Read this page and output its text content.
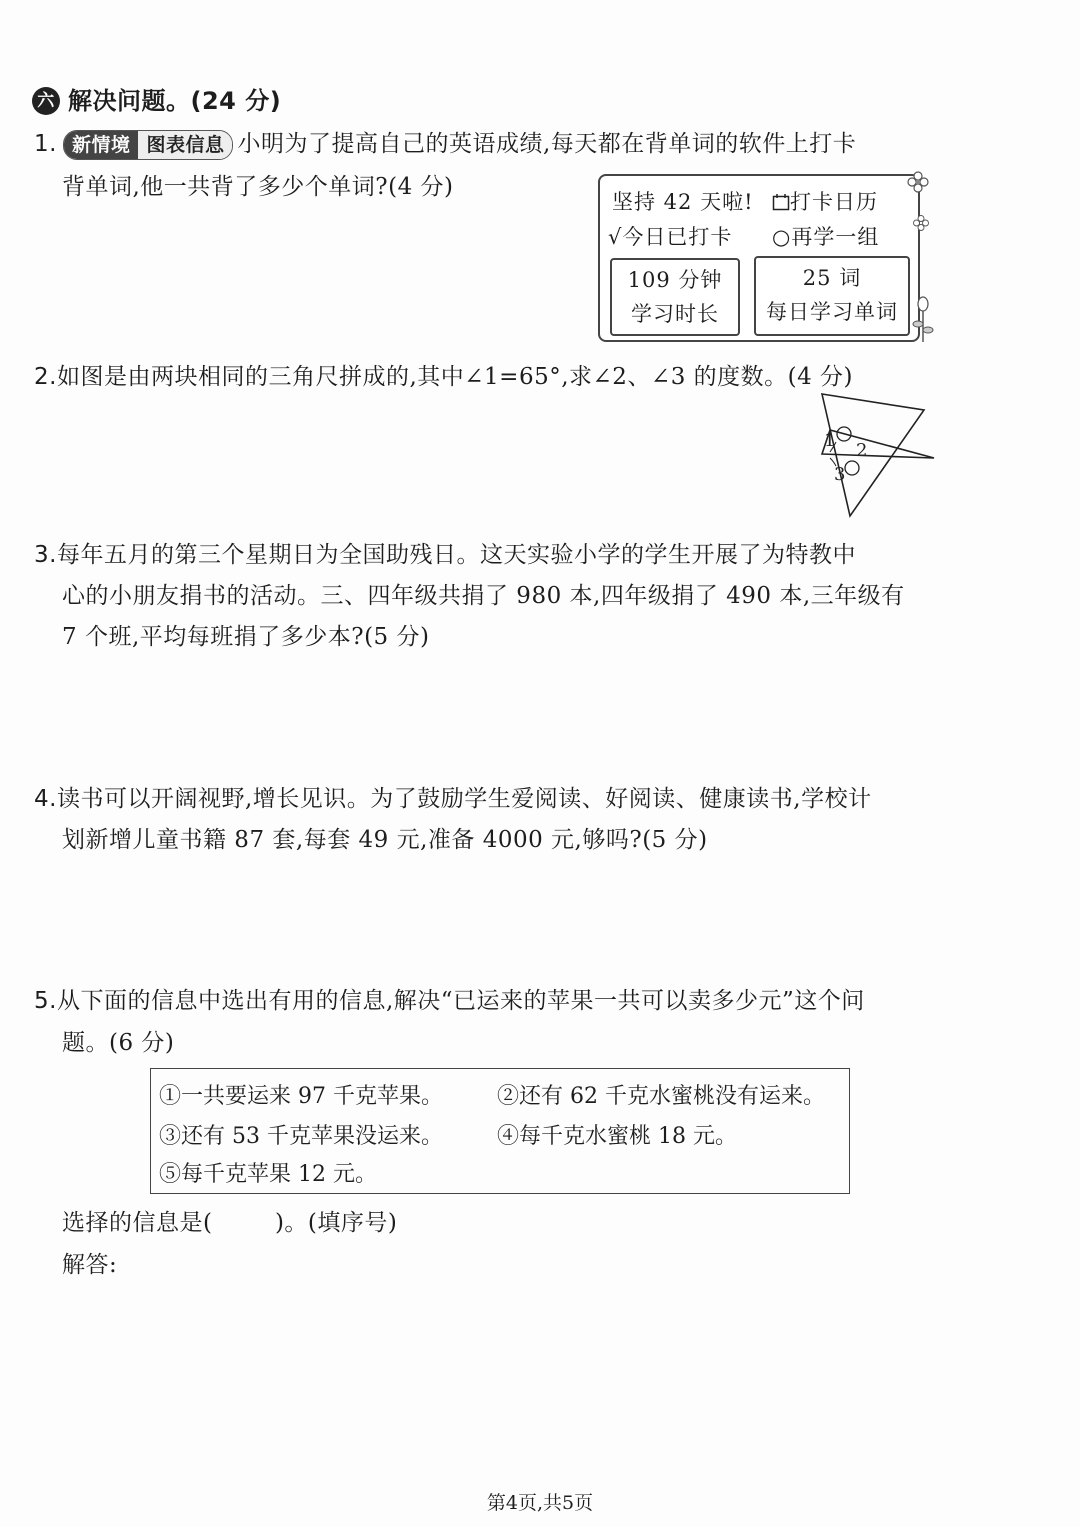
六 解决问题。(24 分)
1. 新情境 图表信息 小明为了提高自己的英语成绩,每天都在背单词的软件上打卡
背单词,他一共背了多少个单词?(4 分)
坚持 42 天啦!	打卡日历
√今日已打卡 ○再学一组
109 分钟
学习时长
25 词
每日学习单词
2.如图是由两块相同的三角尺拼成的,其中∠1=65°,求∠2、∠3 的度数。(4 分)
1 2
3
3.每年五月的第三个星期日为全国助残日。这天实验小学的学生开展了为特教中
心的小朋友捐书的活动。三、四年级共捐了 980 本,四年级捐了 490 本,三年级有
7 个班,平均每班捐了多少本?(5 分)
4.读书可以开阔视野,增长见识。为了鼓励学生爱阅读、好阅读、健康读书,学校计
划新增儿童书籍 87 套,每套 49 元,准备 4000 元,够吗?(5 分)
5.从下面的信息中选出有用的信息,解决“已运来的苹果一共可以卖多少元”这个问
题。(6 分)
①一共要运来 97 千克苹果。 ②还有 62 千克水蜜桃没有运来。
③还有 53 千克苹果没运来。 ④每千克水蜜桃 18 元。
⑤每千克苹果 12 元。
选择的信息是(        )。(填序号)
解答:
第4页,共5页
